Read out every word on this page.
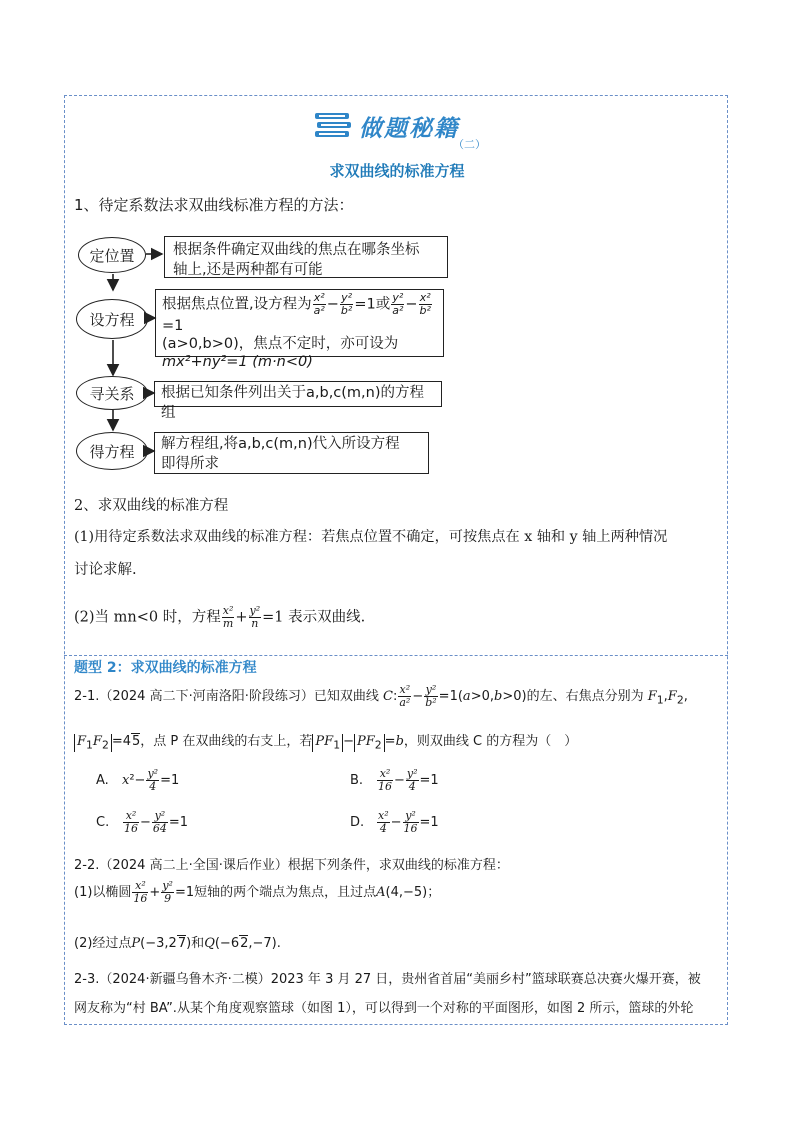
做题秘籍
（二）
求双曲线的标准方程
1、待定系数法求双曲线标准方程的方法：
定位置	根据条件确定双曲线的焦点在哪条坐标
轴上,还是两种都有可能
设方程
根据焦点位置,设方程为 $\frac{\text{x²}}{\text{a²}} - \frac{\text{y²}}{\text{b²}} =1$或 $\frac{\text{y²}}{\text{a²}} - \frac{\text{x²}}{\text{b²}}$
=1
(a>0,b>0)，焦点不定时，亦可设为
mx²+ny²=1 (m·n<0)
寻关系	根据已知条件列出关于a,b,c(m,n)的方程组
得方程	解方程组,将a,b,c(m,n)代入所设方程
即得所求
2、求双曲线的标准方程
(1)用待定系数法求双曲线的标准方程：若焦点位置不确定，可按焦点在 x 轴和 y 轴上两种情况
讨论求解.
(2)当 mn<0 时，方程 $\frac{\text{x²}}{m} + \frac{\text{y²}}{n} =1$ 表示双曲线.
题型 2：求双曲线的标准方程
2-1.（2024 高二下·河南洛阳·阶段练习）已知双曲线 C: $\frac{\text{x²}}{\text{a²}} - \frac{\text{y²}}{\text{b²}} =1(a>0,b>0)$的左、右焦点分别为 $F_1,F_2$,
$F_1F_2 =45$，点 P 在双曲线的右支上，若 $PF_1 - PF_2 =b$，则双曲线 C 的方程为（　）
A. $x^2- \frac{\text{y²}}{4} =1$	B. $\frac{\text{x²}}{16} - \frac{\text{y²}}{4} =1$
C. $\frac{\text{x²}}{16} - \frac{\text{y²}}{64} =1$	D. $\frac{\text{x²}}{4} - \frac{\text{y²}}{16} =1$
2-2.（2024 高二上·全国·课后作业）根据下列条件，求双曲线的标准方程：
(1)以椭圆 $\frac{\text{x²}}{16} + \frac{\text{y²}}{9} =1$短轴的两个端点为焦点，且过点A(4,−5)；
(2)经过点P(−3,27)和Q(−62,−7).
2-3.（2024·新疆乌鲁木齐·二模）2023 年 3 月 27 日，贵州省首届“美丽乡村”篮球联赛总决赛火爆开赛，被
网友称为“村 BA”.从某个角度观察篮球（如图 1），可以得到一个对称的平面图形，如图 2 所示，篮球的外轮
